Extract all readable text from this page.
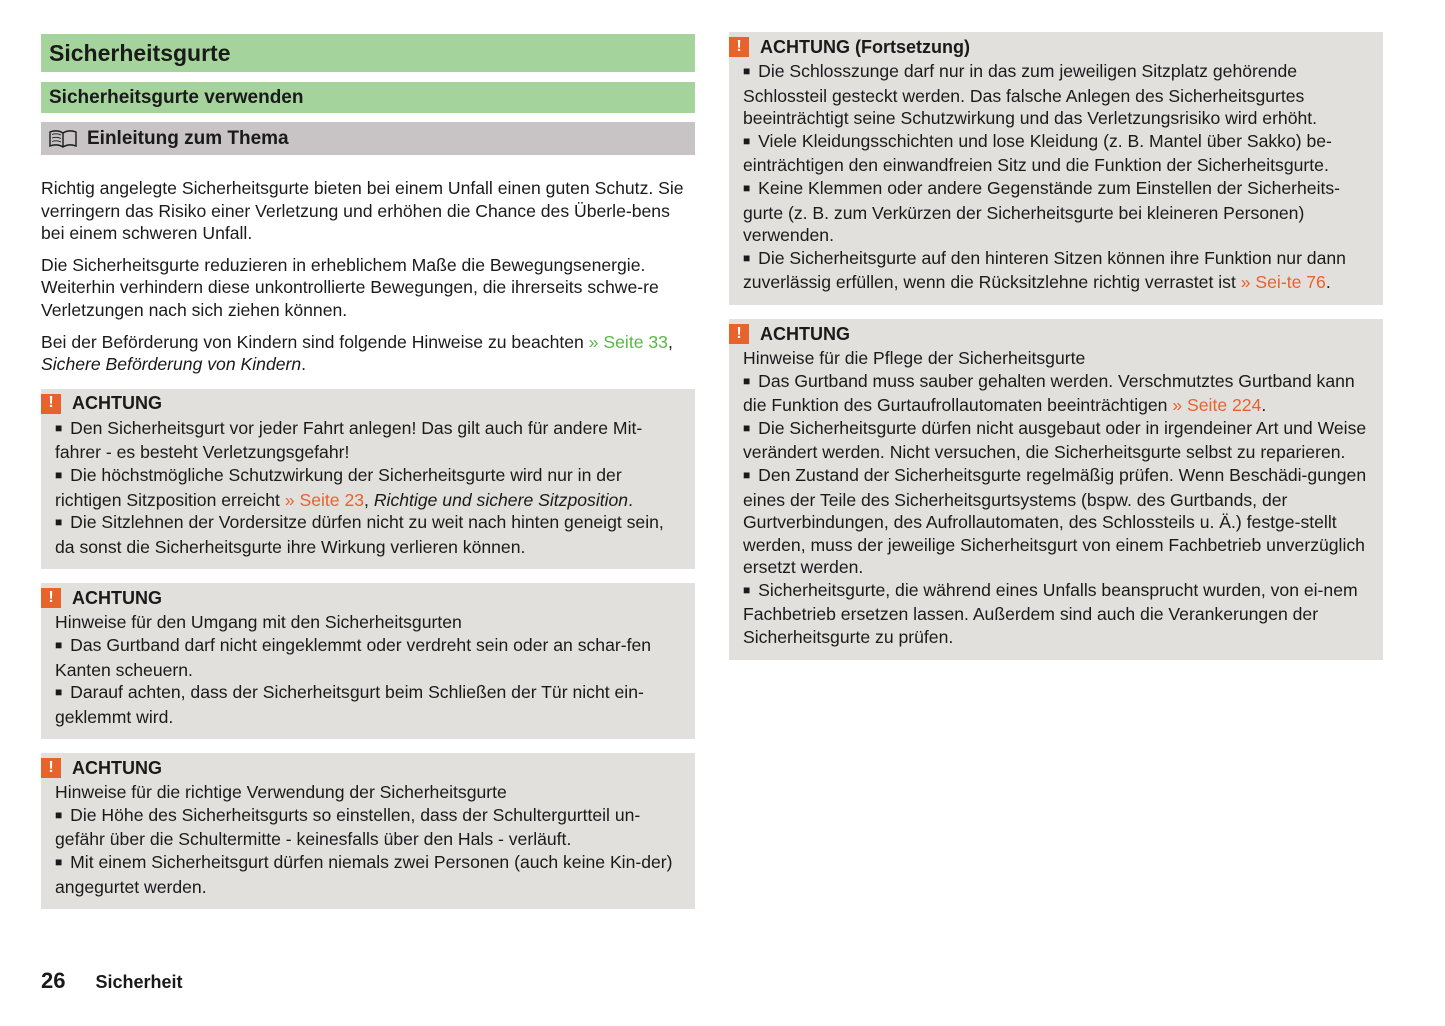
Sicherheitsgurte
Sicherheitsgurte verwenden
Einleitung zum Thema

Richtig angelegte Sicherheitsgurte bieten bei einem Unfall einen guten Schutz. Sie verringern das Risiko einer Verletzung und erhöhen die Chance des Überle-bens bei einem schweren Unfall.

Die Sicherheitsgurte reduzieren in erheblichem Maße die Bewegungsenergie. Weiterhin verhindern diese unkontrollierte Bewegungen, die ihrerseits schwe-re Verletzungen nach sich ziehen können.

Bei der Beförderung von Kindern sind folgende Hinweise zu beachten » Seite 33, Sichere Beförderung von Kindern.

!	ACHTUNG

■ Den Sicherheitsgurt vor jeder Fahrt anlegen! Das gilt auch für andere Mit-fahrer - es besteht Verletzungsgefahr!

■ Die höchstmögliche Schutzwirkung der Sicherheitsgurte wird nur in der richtigen Sitzposition erreicht » Seite 23, Richtige und sichere Sitzposition.

■ Die Sitzlehnen der Vordersitze dürfen nicht zu weit nach hinten geneigt sein, da sonst die Sicherheitsgurte ihre Wirkung verlieren können.

!	ACHTUNG

Hinweise für den Umgang mit den Sicherheitsgurten

■ Das Gurtband darf nicht eingeklemmt oder verdreht sein oder an schar-fen Kanten scheuern.

■ Darauf achten, dass der Sicherheitsgurt beim Schließen der Tür nicht ein-geklemmt wird.

!	ACHTUNG

Hinweise für die richtige Verwendung der Sicherheitsgurte

■ Die Höhe des Sicherheitsgurts so einstellen, dass der Schultergurtteil un-gefähr über die Schultermitte - keinesfalls über den Hals - verläuft.

■ Mit einem Sicherheitsgurt dürfen niemals zwei Personen (auch keine Kin-der) angegurtet werden.

!	ACHTUNG (Fortsetzung)

■ Die Schlosszunge darf nur in das zum jeweiligen Sitzplatz gehörende Schlossteil gesteckt werden. Das falsche Anlegen des Sicherheitsgurtes beeinträchtigt seine Schutzwirkung und das Verletzungsrisiko wird erhöht.

■ Viele Kleidungsschichten und lose Kleidung (z. B. Mantel über Sakko) be-einträchtigen den einwandfreien Sitz und die Funktion der Sicherheitsgurte.

■ Keine Klemmen oder andere Gegenstände zum Einstellen der Sicherheits-gurte (z. B. zum Verkürzen der Sicherheitsgurte bei kleineren Personen) verwenden.

■ Die Sicherheitsgurte auf den hinteren Sitzen können ihre Funktion nur dann zuverlässig erfüllen, wenn die Rücksitzlehne richtig verrastet ist » Sei-te 76.

!	ACHTUNG

Hinweise für die Pflege der Sicherheitsgurte

■ Das Gurtband muss sauber gehalten werden. Verschmutztes Gurtband kann die Funktion des Gurtaufrollautomaten beeinträchtigen » Seite 224.

■ Die Sicherheitsgurte dürfen nicht ausgebaut oder in irgendeiner Art und Weise verändert werden. Nicht versuchen, die Sicherheitsgurte selbst zu reparieren.

■ Den Zustand der Sicherheitsgurte regelmäßig prüfen. Wenn Beschädi-gungen eines der Teile des Sicherheitsgurtsystems (bspw. des Gurtbands, der Gurtverbindungen, des Aufrollautomaten, des Schlossteils u. Ä.) festge-stellt werden, muss der jeweilige Sicherheitsgurt von einem Fachbetrieb unverzüglich ersetzt werden.

■ Sicherheitsgurte, die während eines Unfalls beansprucht wurden, von ei-nem Fachbetrieb ersetzen lassen. Außerdem sind auch die Verankerungen der Sicherheitsgurte zu prüfen.

26 Sicherheit
